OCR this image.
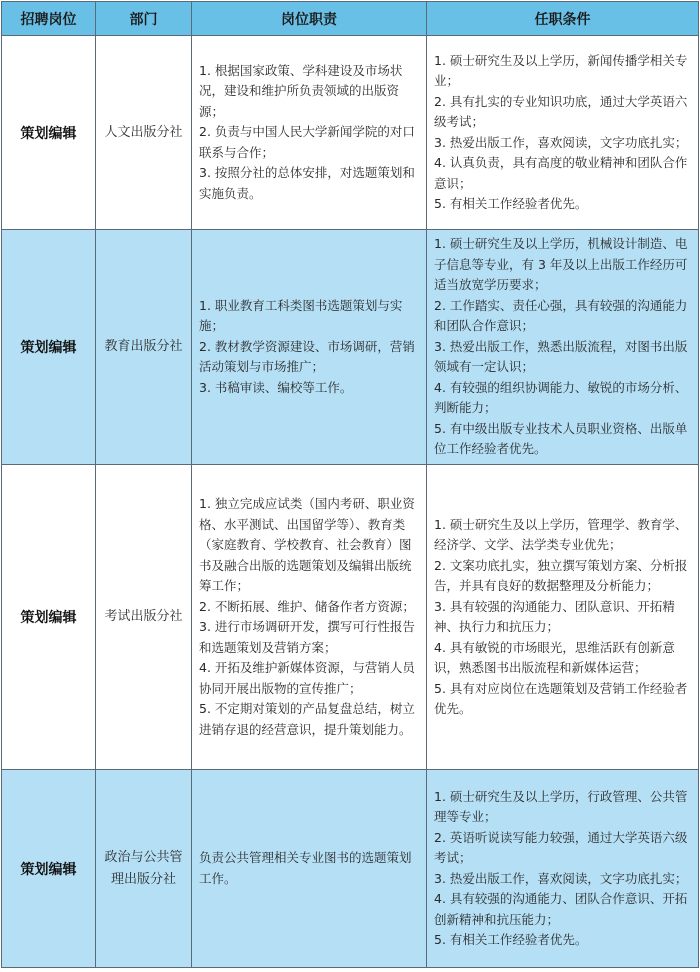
招聘岗位	部门	岗位职责	任职条件
策划编辑	人文出版分社	1. 根据国家政策、学科建设及市场状况，建设和维护所负责领域的出版资源；
2. 负责与中国人民大学新闻学院的对口联系与合作；
3. 按照分社的总体安排，对选题策划和实施负责。	1. 硕士研究生及以上学历，新闻传播学相关专业；
2. 具有扎实的专业知识功底，通过大学英语六级考试；
3. 热爱出版工作，喜欢阅读，文字功底扎实；
4. 认真负责，具有高度的敬业精神和团队合作意识；
5. 有相关工作经验者优先。

策划编辑	教育出版分社	1. 职业教育工科类图书选题策划与实施；
2. 教材教学资源建设、市场调研，营销活动策划与市场推广；
3. 书稿审读、编校等工作。	1. 硕士研究生及以上学历，机械设计制造、电子信息等专业，有 3 年及以上出版工作经历可适当放宽学历要求；
2. 工作踏实、责任心强，具有较强的沟通能力和团队合作意识；
3. 热爱出版工作，熟悉出版流程，对图书出版领域有一定认识；
4. 有较强的组织协调能力、敏锐的市场分析、判断能力；
5. 有中级出版专业技术人员职业资格、出版单位工作经验者优先。

策划编辑	考试出版分社	1. 独立完成应试类（国内考研、职业资格、水平测试、出国留学等）、教育类（家庭教育、学校教育、社会教育）图书及融合出版的选题策划及编辑出版统筹工作；
2. 不断拓展、维护、储备作者方资源；
3. 进行市场调研开发，撰写可行性报告和选题策划及营销方案；
4. 开拓及维护新媒体资源，与营销人员协同开展出版物的宣传推广；
5. 不定期对策划的产品复盘总结，树立进销存退的经营意识，提升策划能力。	1. 硕士研究生及以上学历，管理学、教育学、经济学、文学、法学类专业优先；
2. 文案功底扎实，独立撰写策划方案、分析报告，并具有良好的数据整理及分析能力；
3. 具有较强的沟通能力、团队意识、开拓精神、执行力和抗压力；
4. 具有敏锐的市场眼光，思维活跃有创新意识，熟悉图书出版流程和新媒体运营；
5. 具有对应岗位在选题策划及营销工作经验者优先。

策划编辑	政治与公共管理出版分社	负责公共管理相关专业图书的选题策划工作。	1. 硕士研究生及以上学历，行政管理、公共管理等专业；
2. 英语听说读写能力较强，通过大学英语六级考试；
3. 热爱出版工作，喜欢阅读，文字功底扎实；
4. 具有较强的沟通能力、团队合作意识、开拓创新精神和抗压能力；
5. 有相关工作经验者优先。
